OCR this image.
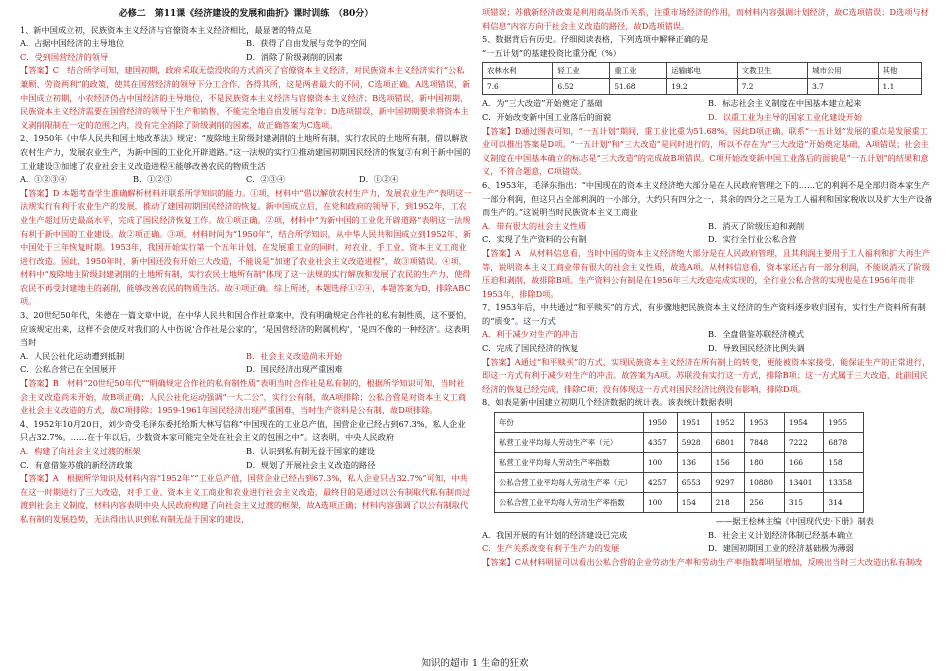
必修二　第11课《经济建设的发展和曲折》课时训练　（80分）

1、新中国成立初，民族资本主义经济与官僚资本主义经济相比，最显著的特点是

A．占据中国经济的主导地位	B．获得了自由发展与竞争的空间
C．受到国营经济的领导	D．消除了阶级剥削的因素

【答案】C　结合所学可知，建国初期，政府采取无偿没收的方式消灭了官僚资本主义经济，对民族资本主义经济实行“公私兼顾、劳资两利”的政策，使其在国营经济的领导下分工合作、各得其所，这是两者最大的不同，C选项正确。A选项错误，新中国成立初期，小农经济仍占中国经济的主导地位，不是民族资本主义经济与官僚资本主义经济；B选项错误，新中国初期，民族资本主义经济需要在国营经济的领导下生产和销售，不能完全地自由发展与竞争；D选项错误，新中国初期要求将资本主义剥削限制在一定的范围之内，没有完全消除了阶级剥削的因素，故正确答案为C选项。

2、1950年《中华人民共和国土地改革法》规定：“废除地主阶级封建剥削的土地所有制，实行农民的土地所有制，借以解放农村生产力，发展农业生产，为新中国的工业化开辟道路。”这一法规的实行①推动建国初期国民经济的恢复②有利于新中国的工业建设③加速了农业社会主义改造进程④能够改善农民的物质生活

A．①②③④	B．①②③	C．②③④	D．①②④

【答案】D 本题考查学生准确解析材料并联系所学知识的能力。①项，材料中“借以解放农村生产力，发展农业生产”表明这一法规实行有利于农业生产的发展，推动了建国初期国民经济的恢复。新中国成立后，在党和政府的领导下，到1952年，工农业生产超过历史最高水平，完成了国民经济恢复工作。故①项正确。②项，材料中“为新中国的工业化开辟道路”表明这一法规有利于新中国的工业建设。故②项正确。③项，材料时间为“1950年”，结合所学知识，从中华人民共和国成立到1952年，新中国处于三年恢复时期。1953年，我国开始实行第一个五年计划，在发展重工业的同时，对农业、手工业、资本主义工商业进行改造。因此，1950年时，新中国还没有开始三大改造，不能说是“加速了农业社会主义改造进程”，故③项错误。④项，材料中“废除地主阶级封建剥削的土地所有制，实行农民土地所有制”体现了这一法规的实行解放和发展了农民的生产力，使得农民不再受封建地主的剥削，能够改善农民的物质生活。故④项正确。综上所述，本题选择①②④，本题答案为D，排除ABC项。

3、20世纪50年代，朱德在一篇文章中说，在中华人民共和国合作社章案中，没有明确规定合作社的私有制性质，这不要怕，应该规定出来，这样不会使反对我们的人中伤说‘合作社是公家的’，‘是国营经济的附属机构’，‘是四不像的一种经济’。这表明当时

A．人民公社化运动遭到抵制	B．社会主义改造尚未开始
C．公私合营已在全国展开	D．国民经济出现严重困难

【答案】B　材料“20世纪50年代”“明确规定合作社的私有制性质”表明当时合作社是私有制的，根据所学知识可知，当时社会主义改造尚未开始，故B项正确；人民公社化运动强调“一大二公”，实行公有制，故A项排除；公私合营是对资本主义工商业社会主义改造的方式，故C项排除；1959-1961年国民经济出现严重困难，当时生产资料是公有制，故D项排除。

4、1952年10月20日，刘少奇受毛泽东委托给斯大林写信称“中国现在的工业总产值，国营企业已经占到67.3%，私人企业只占32.7%。……在十年以后，少数资本家可能完全处在社会主义的包围之中”。这表明，中央人民政府

A．构建了向社会主义过渡的框架	B．认识到私有制无益于国家的建设
C．有意借鉴苏俄的新经济政策	D．规划了开展社会主义改造的路径

【答案】A　根据所学知识及材料内容“1952年”“工业总产值，国营企业已经占到67.3%，私人企业只占32.7%”可知，中共在这一时期进行了三大改造，对手工业、资本主义工商业和农业进行社会主义改造，最终目的是通过以公有制取代私有制而过渡到社会主义制度，材料内容表明中央人民政府构建了向社会主义过渡的框架，故A选项正确；材料内容强调了以公有制取代私有制的发展趋势，无法得出认识到私有制无益于国家的建设，

项错误；苏俄新经济政策是利用商品货币关系，注重市场经济的作用，而材料内容强调计划经济，故C选项错误；D选项与材料信息“内容方向于社会主义改造的路径，故D选项错误。

5、数据背后有历史。仔细阅读表格，下列选项中解释正确的是

“一五计划”的基建投资比重分配（%）

农林水利	轻工业	重工业	运输邮电	文教卫生	城市公用	其他
7.6	6.52	51.68	19.2	7.2	3.7	1.1
A．为“三大改造”开始奠定了基础	B．标志社会主义制度在中国基本建立起来
C．开始改变新中国工业落后的面貌	D．以重工业为主导的国家工业化建设开始

【答案】D通过图表可知，“一五计划”期间，重工业比重为51.68%。因此D项正确。联系“一五计划”发展的重点是发展重工业可以推出答案是D项。“一五计划”和“三大改造”是同时进行的，所以不存在为“三大改造”开始奠定基础，A项错误；社会主义制度在中国基本确立的标志是“三大改造”的完成故B项错误。C项开始改变新中国工业落后的面貌是“一五计划”的结果和意义，不符合题意，C项错误。

6、1953年，毛泽东指出：“中国现在的资本主义经济绝大部分是在人民政府管理之下的……它的利润不是全部归资本家生产一部分利润，但这只占全部利润的一小部分，大约只有四分之一，其余的四分之三是为工人福利和国家税收以及扩大生产设备而生产的。”这说明当时民族资本主义工商业

A．带有很大的社会主义性质	B．消灭了阶级压迫和剥削
C．实现了生产资料的公有制	D．实行全行业公私合营

【答案】A　从材料信息看，当时中国的资本主义经济绝大部分是在人民政府管理，且其利润主要用于工人福利和扩大再生产等，说明资本主义工商业带有很大的社会主义性质，故选A项。从材料信息看，资本家还占有一部分利润，不能说消灭了阶级压迫和剥削，故排除B项。生产资料公有制是在1956年三大改造完成实现的，全行业公私合营的实现也是在1956年而非1953年，排除D项。

7、1953年后，中共通过“和平赎买”的方式，有步骤地把民族资本主义经济的生产资料逐步收归国有，实行生产资料所有制的“质变”。这一方式

A．利于减少对生产的冲击	B．全盘借鉴苏联经济模式
C．完成了国民经济的恢复	D．导致国民经济比例失调

【答案】A通过“和平赎买”的方式，实现民族资本主义经济在所有制上的转变，更能被资本家接受，能保证生产的正常进行，即这一方式有利于减少对生产的冲击。故答案为A项。苏联没有实行这一方式，排除B项；这一方式属于三大改造，此前国民经济的恢复已经完成，排除C项；没有体现这一方式对国民经济比例没有影响，排除D项。

8、如表是新中国建立初期几个经济数据的统计表。该表统计数据表明

年份	1950	1951	1952	1953	1954	1955
私营工业平均每人劳动生产率（元）	4357	5928	6801	7848	7222	6878
私营工业平均每人劳动生产率指数	100	136	156	180	166	158
公私合营工业平均每人劳动生产率（元）	4257	6553	9297	10880	13401	13358
公私合营工业平均每人劳动生产率指数	100	154	218	256	315	314
——据王桧林主编《中国现代史·下册》制表
A．我国开展的有计划的经济建设已完成	B．社会主义计划经济体制已经基本确立
C．生产关系改变有利于生产力的发展	D．建国初期国工业的经济基础极为薄弱

【答案】C从材料明显可以看出公私合营的企业劳动生产率和劳动生产率指数都明显增加，反映出当时三大改造出私有制改

知识的超市 1 生命的狂欢
